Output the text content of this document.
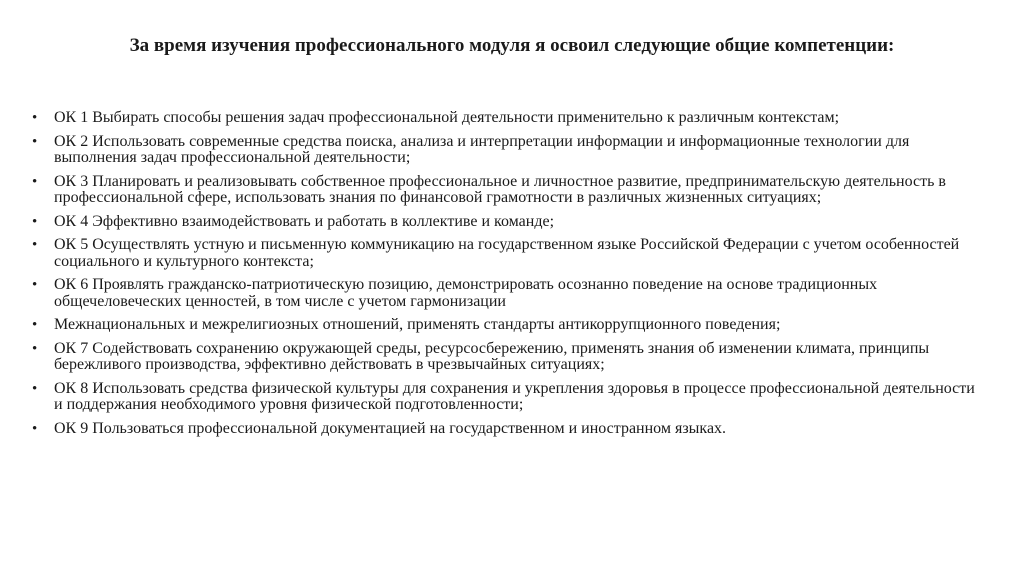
За время изучения профессионального модуля я освоил следующие общие компетенции:
• ОК 1 Выбирать способы решения задач профессиональной деятельности применительно к различным контекстам;
• ОК 2 Использовать современные средства поиска, анализа и интерпретации информации и информационные технологии для выполнения задач профессиональной деятельности;
• ОК 3 Планировать и реализовывать собственное профессиональное и личностное развитие, предпринимательскую деятельность в профессиональной сфере, использовать знания по финансовой грамотности в различных жизненных ситуациях;
• ОК 4 Эффективно взаимодействовать и работать в коллективе и команде;
• ОК 5 Осуществлять устную и письменную коммуникацию на государственном языке Российской Федерации с учетом особенностей социального и культурного контекста;
• ОК 6 Проявлять гражданско-патриотическую позицию, демонстрировать осознанно поведение на основе традиционных общечеловеческих ценностей, в том числе с учетом гармонизации
• Межнациональных и межрелигиозных отношений, применять стандарты антикоррупционного поведения;
• ОК 7 Содействовать сохранению окружающей среды, ресурсосбережению, применять знания об изменении климата, принципы бережливого производства, эффективно действовать в чрезвычайных ситуациях;
• ОК 8 Использовать средства физической культуры для сохранения и укрепления здоровья в процессе профессиональной деятельности и поддержания необходимого уровня физической подготовленности;
• ОК 9 Пользоваться профессиональной документацией на государственном и иностранном языках.
